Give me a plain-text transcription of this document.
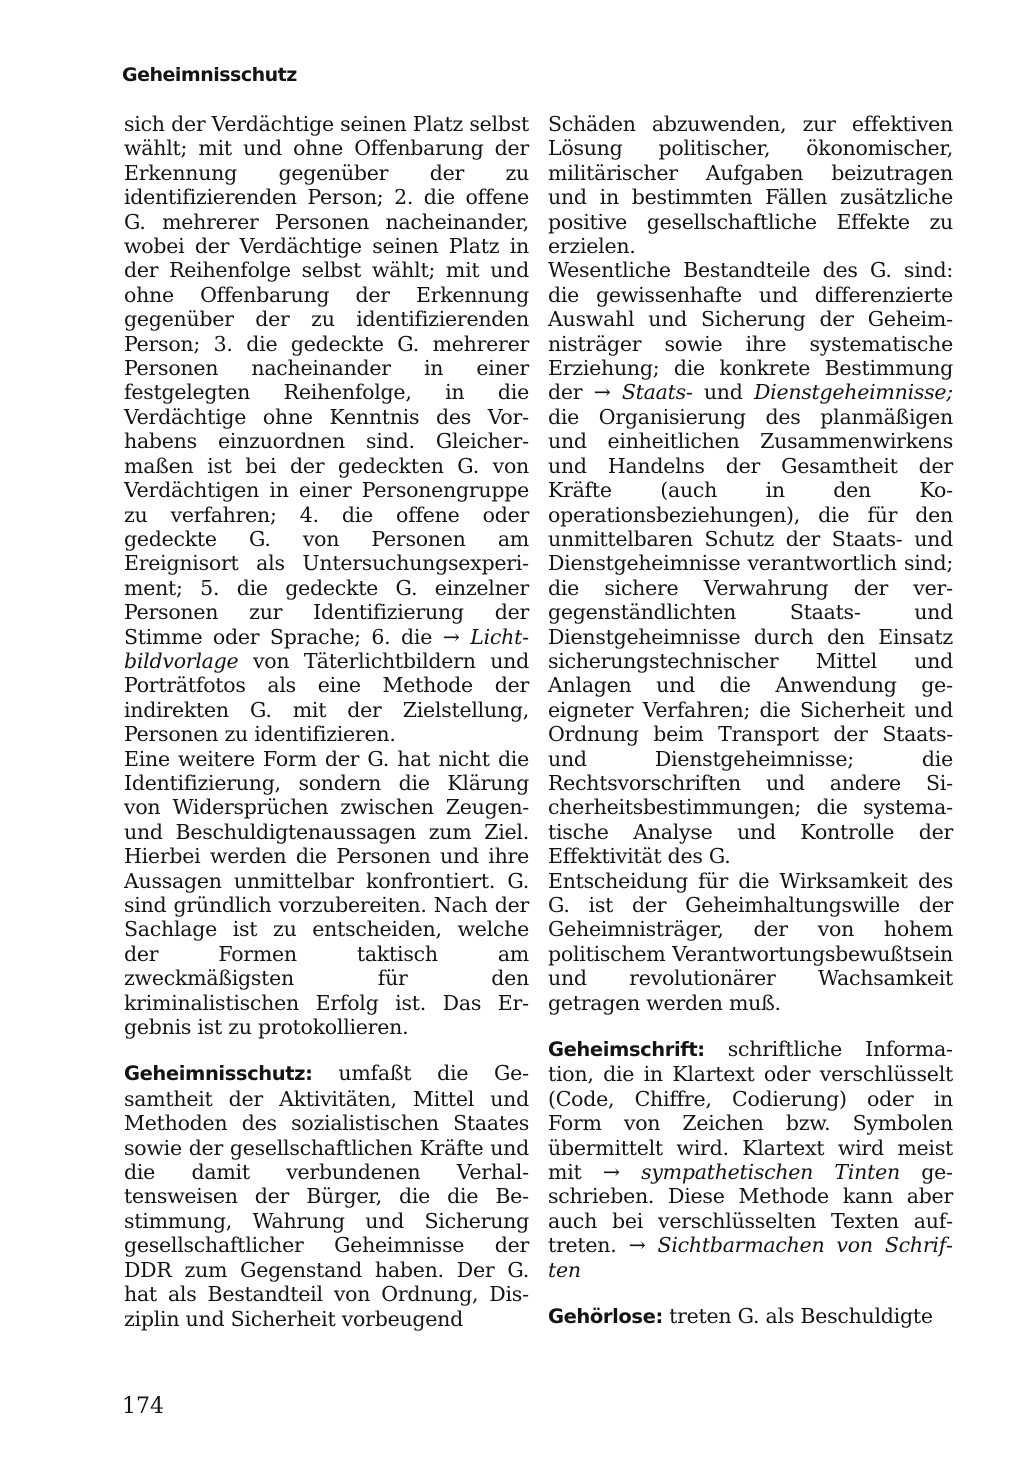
Geheimnisschutz

sich der Verdächtige seinen Platz selbst wählt; mit und ohne Offenbarung der Erkennung gegenüber der zu identifizierenden Person; 2. die offene G. mehrerer Personen nacheinander, wobei der Verdächtige seinen Platz in der Reihenfolge selbst wählt; mit und ohne Offenbarung der Erkennung gegenüber der zu identifizierenden Person; 3. die gedeckte G. mehrerer Personen nacheinander in einer festgelegten Reihenfolge, in die Verdächtige ohne Kenntnis des Vorhabens einzuordnen sind. Gleichermaßen ist bei der gedeckten G. von Verdächtigen in einer Personengruppe zu verfahren; 4. die offene oder gedeckte G. von Personen am Ereignisort als Untersuchungsexperiment; 5. die gedeckte G. einzelner Personen zur Identifizierung der Stimme oder Sprache; 6. die → Lichtbildvorlage von Täterlichtbildern und Porträtfotos als eine Methode der indirekten G. mit der Zielstellung, Personen zu identifizieren.

Eine weitere Form der G. hat nicht die Identifizierung, sondern die Klärung von Widersprüchen zwischen Zeugen- und Beschuldigtenaussagen zum Ziel. Hierbei werden die Personen und ihre Aussagen unmittelbar konfrontiert. G. sind gründlich vorzubereiten. Nach der Sachlage ist zu entscheiden, welche der Formen taktisch am zweckmäßigsten für den kriminalistischen Erfolg ist. Das Ergebnis ist zu protokollieren.

Geheimnisschutz: umfaßt die Gesamtheit der Aktivitäten, Mittel und Methoden des sozialistischen Staates sowie der gesellschaftlichen Kräfte und die damit verbundenen Verhaltensweisen der Bürger, die die Bestimmung, Wahrung und Sicherung gesellschaftlicher Geheimnisse der DDR zum Gegenstand haben. Der G. hat als Bestandteil von Ordnung, Disziplin und Sicherheit vorbeugend

Schäden abzuwenden, zur effektiven Lösung politischer, ökonomischer, militärischer Aufgaben beizutragen und in bestimmten Fällen zusätzliche positive gesellschaftliche Effekte zu erzielen.

Wesentliche Bestandteile des G. sind: die gewissenhafte und differenzierte Auswahl und Sicherung der Geheimnisträger sowie ihre systematische Erziehung; die konkrete Bestimmung der → Staats- und Dienstgeheimnisse; die Organisierung des planmäßigen und einheitlichen Zusammenwirkens und Handelns der Gesamtheit der Kräfte (auch in den Kooperationsbeziehungen), die für den unmittelbaren Schutz der Staats- und Dienstgeheimnisse verantwortlich sind; die sichere Verwahrung der vergegenständlichten Staats- und Dienstgeheimnisse durch den Einsatz sicherungstechnischer Mittel und Anlagen und die Anwendung geeigneter Verfahren; die Sicherheit und Ordnung beim Transport der Staats- und Dienstgeheimnisse; die Rechtsvorschriften und andere Sicherheitsbestimmungen; die systematische Analyse und Kontrolle der Effektivität des G.

Entscheidung für die Wirksamkeit des G. ist der Geheimhaltungswille der Geheimnisträger, der von hohem politischem Verantwortungsbewußtsein und revolutionärer Wachsamkeit getragen werden muß.

Geheimschrift: schriftliche Information, die in Klartext oder verschlüsselt (Code, Chiffre, Codierung) oder in Form von Zeichen bzw. Symbolen übermittelt wird. Klartext wird meist mit → sympathetischen Tinten geschrieben. Diese Methode kann aber auch bei verschlüsselten Texten auftreten. → Sichtbarmachen von Schriften

Gehörlose: treten G. als Beschuldigte

174
